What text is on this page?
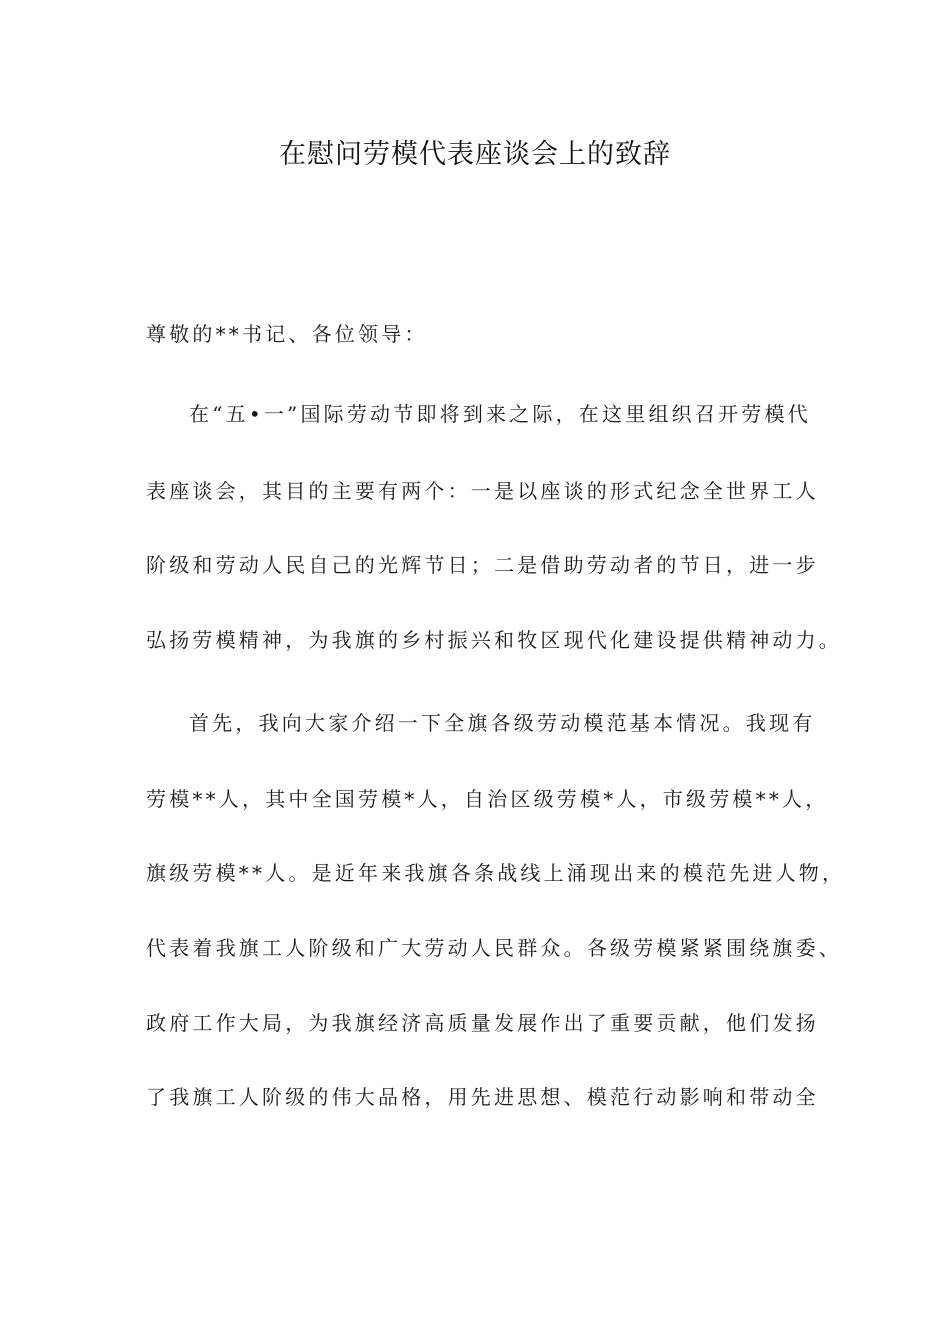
在慰问劳模代表座谈会上的致辞
尊敬的**书记、各位领导：
在“五•一”国际劳动节即将到来之际，在这里组织召开劳模代
表座谈会，其目的主要有两个：一是以座谈的形式纪念全世界工人
阶级和劳动人民自己的光辉节日；二是借助劳动者的节日，进一步
弘扬劳模精神，为我旗的乡村振兴和牧区现代化建设提供精神动力。
首先，我向大家介绍一下全旗各级劳动模范基本情况。我现有
劳模**人，其中全国劳模*人，自治区级劳模*人，市级劳模**人，
旗级劳模**人。是近年来我旗各条战线上涌现出来的模范先进人物，
代表着我旗工人阶级和广大劳动人民群众。各级劳模紧紧围绕旗委、
政府工作大局，为我旗经济高质量发展作出了重要贡献，他们发扬
了我旗工人阶级的伟大品格，用先进思想、模范行动影响和带动全
